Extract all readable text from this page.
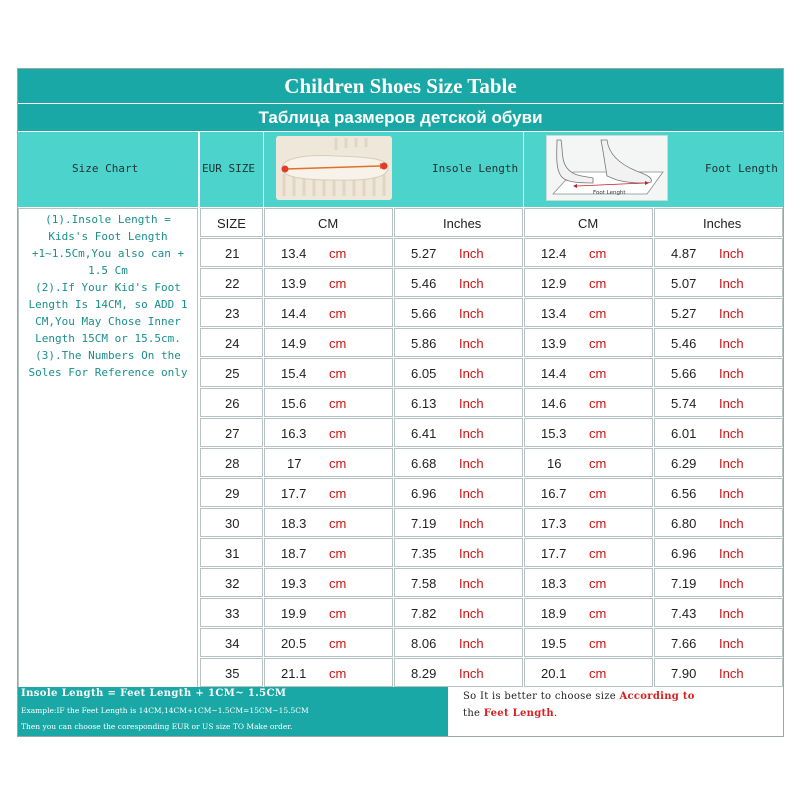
Children Shoes Size Table
Таблица размеров детской обуви
Size Chart	EUR SIZE	Insole Length	Foot Length
Foot Lenght
(1).Insole Length =
Kids's Foot Length
+1~1.5Cm,You also can +
1.5 Cm
(2).If Your Kid's Foot
Length Is 14CM, so ADD 1
CM,You May Chose Inner
Length 15CM or 15.5cm.
(3).The Numbers On the
Soles For Reference only
SIZE	CM	Inches	CM	Inches
21	13.4 cm	5.27 Inch	12.4 cm	4.87 Inch
22	13.9 cm	5.46 Inch	12.9 cm	5.07 Inch
23	14.4 cm	5.66 Inch	13.4 cm	5.27 Inch
24	14.9 cm	5.86 Inch	13.9 cm	5.46 Inch
25	15.4 cm	6.05 Inch	14.4 cm	5.66 Inch
26	15.6 cm	6.13 Inch	14.6 cm	5.74 Inch
27	16.3 cm	6.41 Inch	15.3 cm	6.01 Inch
28	17 cm	6.68 Inch	16 cm	6.29 Inch
29	17.7 cm	6.96 Inch	16.7 cm	6.56 Inch
30	18.3 cm	7.19 Inch	17.3 cm	6.80 Inch
31	18.7 cm	7.35 Inch	17.7 cm	6.96 Inch
32	19.3 cm	7.58 Inch	18.3 cm	7.19 Inch
33	19.9 cm	7.82 Inch	18.9 cm	7.43 Inch
34	20.5 cm	8.06 Inch	19.5 cm	7.66 Inch
35	21.1 cm	8.29 Inch	20.1 cm	7.90 Inch
Insole Length = Feet Length + 1CM~ 1.5CM
Example:IF the Feet Length is 14CM,14CM+1CM~1.5CM=15CM~15.5CM
Then you can choose the coresponding EUR or US size TO Make order.
So It is better to choose size According to
the Feet Length.
